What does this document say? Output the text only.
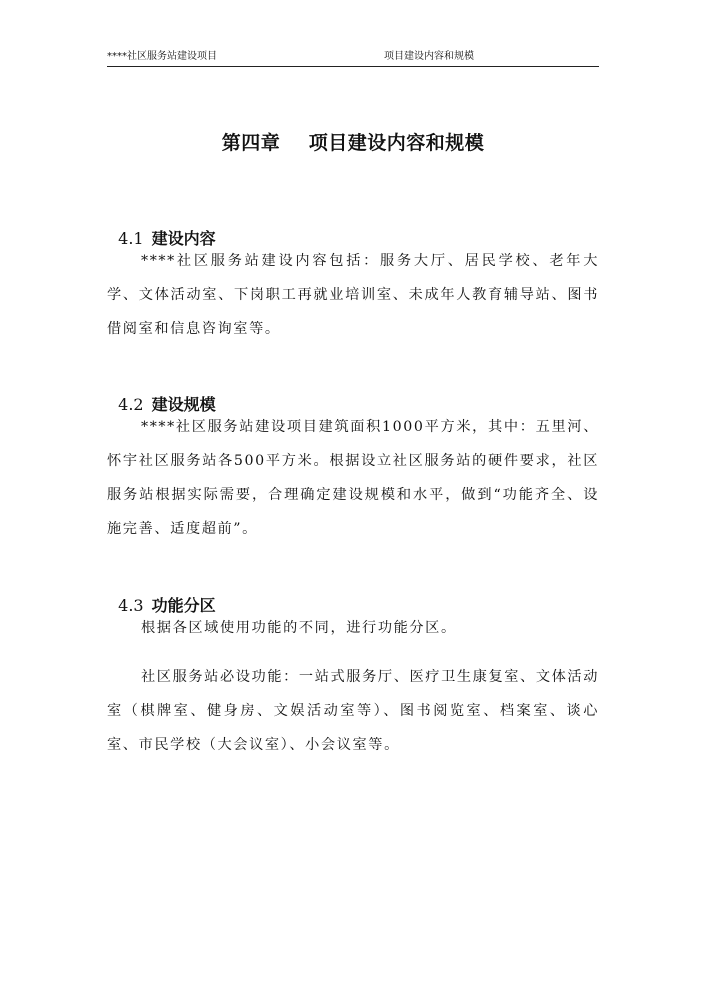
****社区服务站建设项目	项目建设内容和规模
第四章    项目建设内容和规模

4.1 建设内容

****社区服务站建设内容包括：服务大厅、居民学校、老年大学、文体活动室、下岗职工再就业培训室、未成年人教育辅导站、图书借阅室和信息咨询室等。

4.2 建设规模

****社区服务站建设项目建筑面积1000平方米，其中：五里河、怀宇社区服务站各500平方米。根据设立社区服务站的硬件要求，社区服务站根据实际需要，合理确定建设规模和水平，做到“功能齐全、设施完善、适度超前”。

4.3 功能分区

根据各区域使用功能的不同，进行功能分区。

社区服务站必设功能：一站式服务厅、医疗卫生康复室、文体活动室（棋牌室、健身房、文娱活动室等）、图书阅览室、档案室、谈心室、市民学校（大会议室）、小会议室等。
